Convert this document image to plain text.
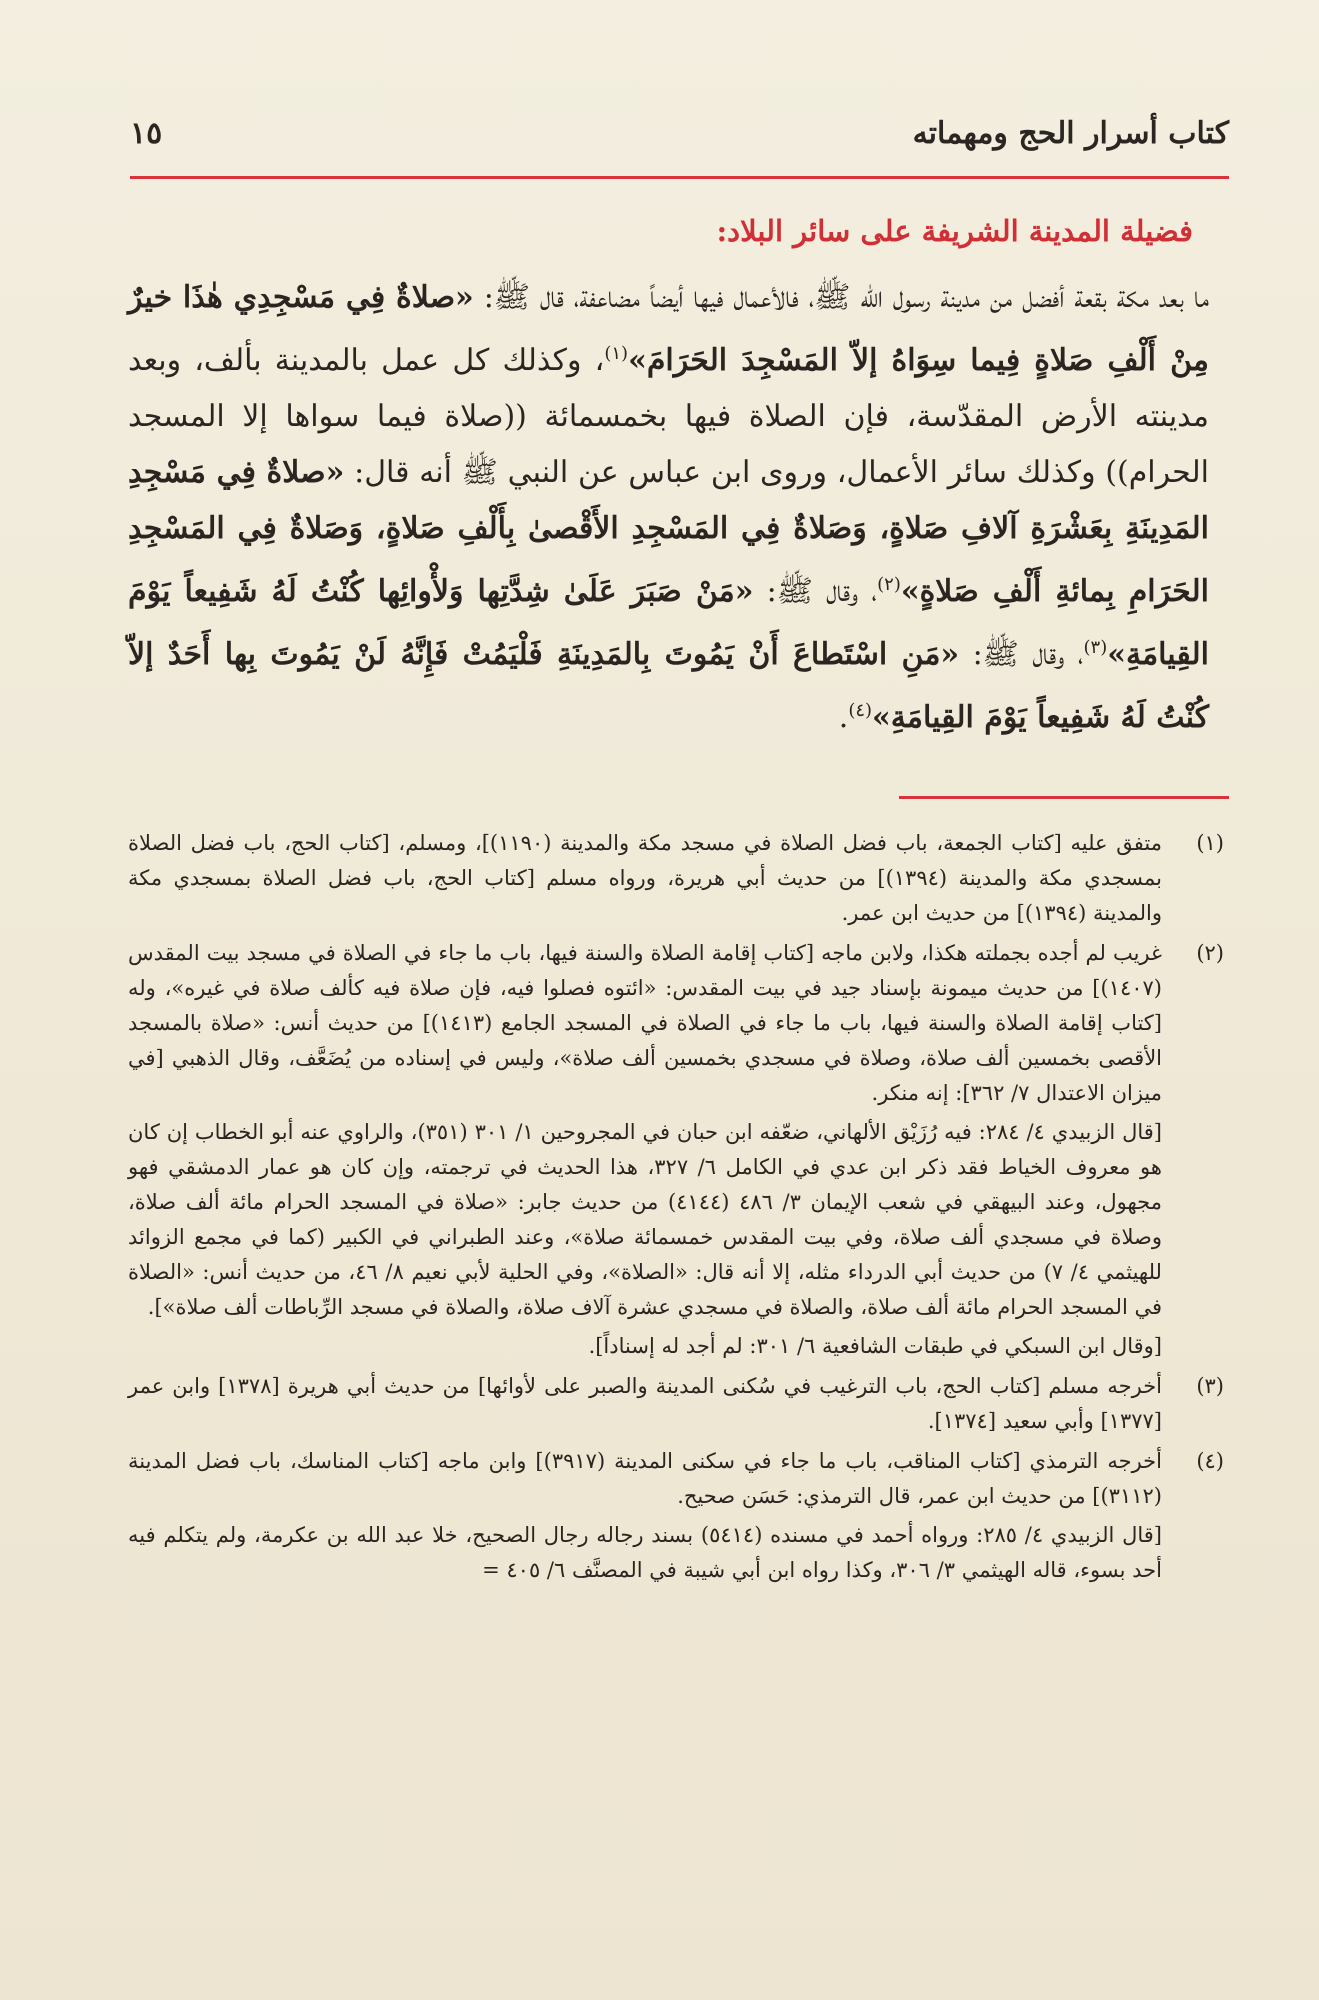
كتاب أسرار الحج ومهماته
١٥
فضيلة المدينة الشريفة على سائر البلاد:

ما بعد مكة بقعة أفضل من مدينة رسول الله ﷺ، فالأعمال فيها أيضاً مضاعفة، قال ﷺ: «صلاةٌ فِي مَسْجِدِي هٰذَا خيرٌ مِنْ أَلْفِ صَلاةٍ فِيما سِوَاهُ إلاّ المَسْجِدَ الحَرَامَ»$^{(١)}$، وكذلك كل عمل بالمدينة بألف، وبعد مدينته الأرض المقدّسة، فإن الصلاة فيها بخمسمائة ((صلاة فيما سواها إلا المسجد الحرام)) وكذلك سائر الأعمال، وروى ابن عباس عن النبي ﷺ أنه قال: «صلاةٌ فِي مَسْجِدِ المَدِينَةِ بِعَشْرَةِ آلافِ صَلاةٍ، وَصَلاةٌ فِي المَسْجِدِ الأَقْصىٰ بِأَلْفِ صَلاةٍ، وَصَلاةٌ فِي المَسْجِدِ الحَرَامِ بِمائةِ أَلْفِ صَلاةٍ»$^{(٢)}$، وقال ﷺ: «مَنْ صَبَرَ عَلَىٰ شِدَّتِها وَلأْوائِها كُنْتُ لَهُ شَفِيعاً يَوْمَ القِيامَةِ»$^{(٣)}$، وقال ﷺ: «مَنِ اسْتَطاعَ أَنْ يَمُوتَ بِالمَدِينَةِ فَلْيَمُتْ فَإِنَّهُ لَنْ يَمُوتَ بِها أَحَدٌ إلاّ كُنْتُ لَهُ شَفِيعاً يَوْمَ القِيامَةِ»$^{(٤)}$.

(١)

متفق عليه [كتاب الجمعة، باب فضل الصلاة في مسجد مكة والمدينة (١١٩٠)]، ومسلم، [كتاب الحج، باب فضل الصلاة بمسجدي مكة والمدينة (١٣٩٤)] من حديث أبي هريرة، ورواه مسلم [كتاب الحج، باب فضل الصلاة بمسجدي مكة والمدينة (١٣٩٤)] من حديث ابن عمر.

(٢)

غريب لم أجده بجملته هكذا، ولابن ماجه [كتاب إقامة الصلاة والسنة فيها، باب ما جاء في الصلاة في مسجد بيت المقدس (١٤٠٧)] من حديث ميمونة بإسناد جيد في بيت المقدس: «ائتوه فصلوا فيه، فإن صلاة فيه كألف صلاة في غيره»، وله [كتاب إقامة الصلاة والسنة فيها، باب ما جاء في الصلاة في المسجد الجامع (١٤١٣)] من حديث أنس: «صلاة بالمسجد الأقصى بخمسين ألف صلاة، وصلاة في مسجدي بخمسين ألف صلاة»، وليس في إسناده من يُضَعَّف، وقال الذهبي [في ميزان الاعتدال ٧/ ٣٦٢]: إنه منكر.

[قال الزبيدي ٤/ ٢٨٤: فيه رُزَيْق الألهاني، ضعّفه ابن حبان في المجروحين ١/ ٣٠١ (٣٥١)، والراوي عنه أبو الخطاب إن كان هو معروف الخياط فقد ذكر ابن عدي في الكامل ٦/ ٣٢٧، هذا الحديث في ترجمته، وإن كان هو عمار الدمشقي فهو مجهول، وعند البيهقي في شعب الإيمان ٣/ ٤٨٦ (٤١٤٤) من حديث جابر: «صلاة في المسجد الحرام مائة ألف صلاة، وصلاة في مسجدي ألف صلاة، وفي بيت المقدس خمسمائة صلاة»، وعند الطبراني في الكبير (كما في مجمع الزوائد للهيثمي ٤/ ٧) من حديث أبي الدرداء مثله، إلا أنه قال: «الصلاة»، وفي الحلية لأبي نعيم ٨/ ٤٦، من حديث أنس: «الصلاة في المسجد الحرام مائة ألف صلاة، والصلاة في مسجدي عشرة آلاف صلاة، والصلاة في مسجد الرِّباطات ألف صلاة»].

[وقال ابن السبكي في طبقات الشافعية ٦/ ٣٠١: لم أجد له إسناداً].

(٣)

أخرجه مسلم [كتاب الحج، باب الترغيب في سُكنى المدينة والصبر على لأوائها] من حديث أبي هريرة [١٣٧٨] وابن عمر [١٣٧٧] وأبي سعيد [١٣٧٤].

(٤)

أخرجه الترمذي [كتاب المناقب، باب ما جاء في سكنى المدينة (٣٩١٧)] وابن ماجه [كتاب المناسك، باب فضل المدينة (٣١١٢)] من حديث ابن عمر، قال الترمذي: حَسَن صحيح.

[قال الزبيدي ٤/ ٢٨٥: ورواه أحمد في مسنده (٥٤١٤) بسند رجاله رجال الصحيح، خلا عبد الله بن عكرمة، ولم يتكلم فيه أحد بسوء، قاله الهيثمي ٣/ ٣٠٦، وكذا رواه ابن أبي شيبة في المصنَّف ٦/ ٤٠٥ =
